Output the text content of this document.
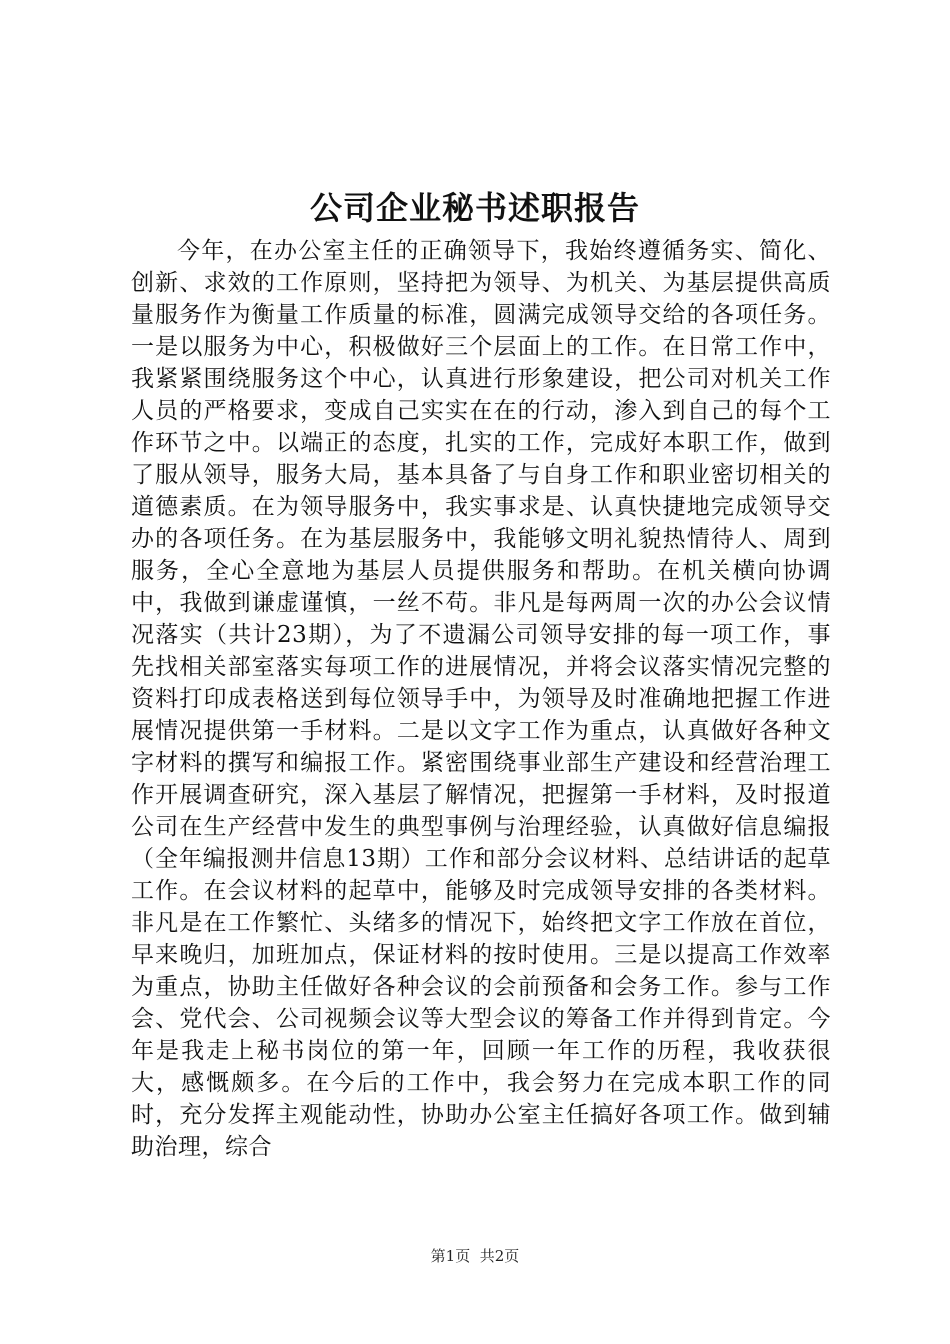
公司企业秘书述职报告

今年，在办公室主任的正确领导下，我始终遵循务实、简化、创新、求效的工作原则，坚持把为领导、为机关、为基层提供高质量服务作为衡量工作质量的标准，圆满完成领导交给的各项任务。一是以服务为中心，积极做好三个层面上的工作。在日常工作中，我紧紧围绕服务这个中心，认真进行形象建设，把公司对机关工作人员的严格要求，变成自己实实在在的行动，渗入到自己的每个工作环节之中。以端正的态度，扎实的工作，完成好本职工作，做到了服从领导，服务大局，基本具备了与自身工作和职业密切相关的道德素质。在为领导服务中，我实事求是、认真快捷地完成领导交办的各项任务。在为基层服务中，我能够文明礼貌热情待人、周到服务，全心全意地为基层人员提供服务和帮助。在机关横向协调中，我做到谦虚谨慎，一丝不苟。非凡是每两周一次的办公会议情况落实（共计23期），为了不遗漏公司领导安排的每一项工作，事先找相关部室落实每项工作的进展情况，并将会议落实情况完整的资料打印成表格送到每位领导手中，为领导及时准确地把握工作进展情况提供第一手材料。二是以文字工作为重点，认真做好各种文字材料的撰写和编报工作。紧密围绕事业部生产建设和经营治理工作开展调查研究，深入基层了解情况，把握第一手材料，及时报道公司在生产经营中发生的典型事例与治理经验，认真做好信息编报（全年编报测井信息13期）工作和部分会议材料、总结讲话的起草工作。在会议材料的起草中，能够及时完成领导安排的各类材料。非凡是在工作繁忙、头绪多的情况下，始终把文字工作放在首位，早来晚归，加班加点，保证材料的按时使用。三是以提高工作效率为重点，协助主任做好各种会议的会前预备和会务工作。参与工作会、党代会、公司视频会议等大型会议的筹备工作并得到肯定。今年是我走上秘书岗位的第一年，回顾一年工作的历程，我收获很大，感慨颇多。在今后的工作中，我会努力在完成本职工作的同时，充分发挥主观能动性，协助办公室主任搞好各项工作。做到辅助治理，综合

第1页 共2页
